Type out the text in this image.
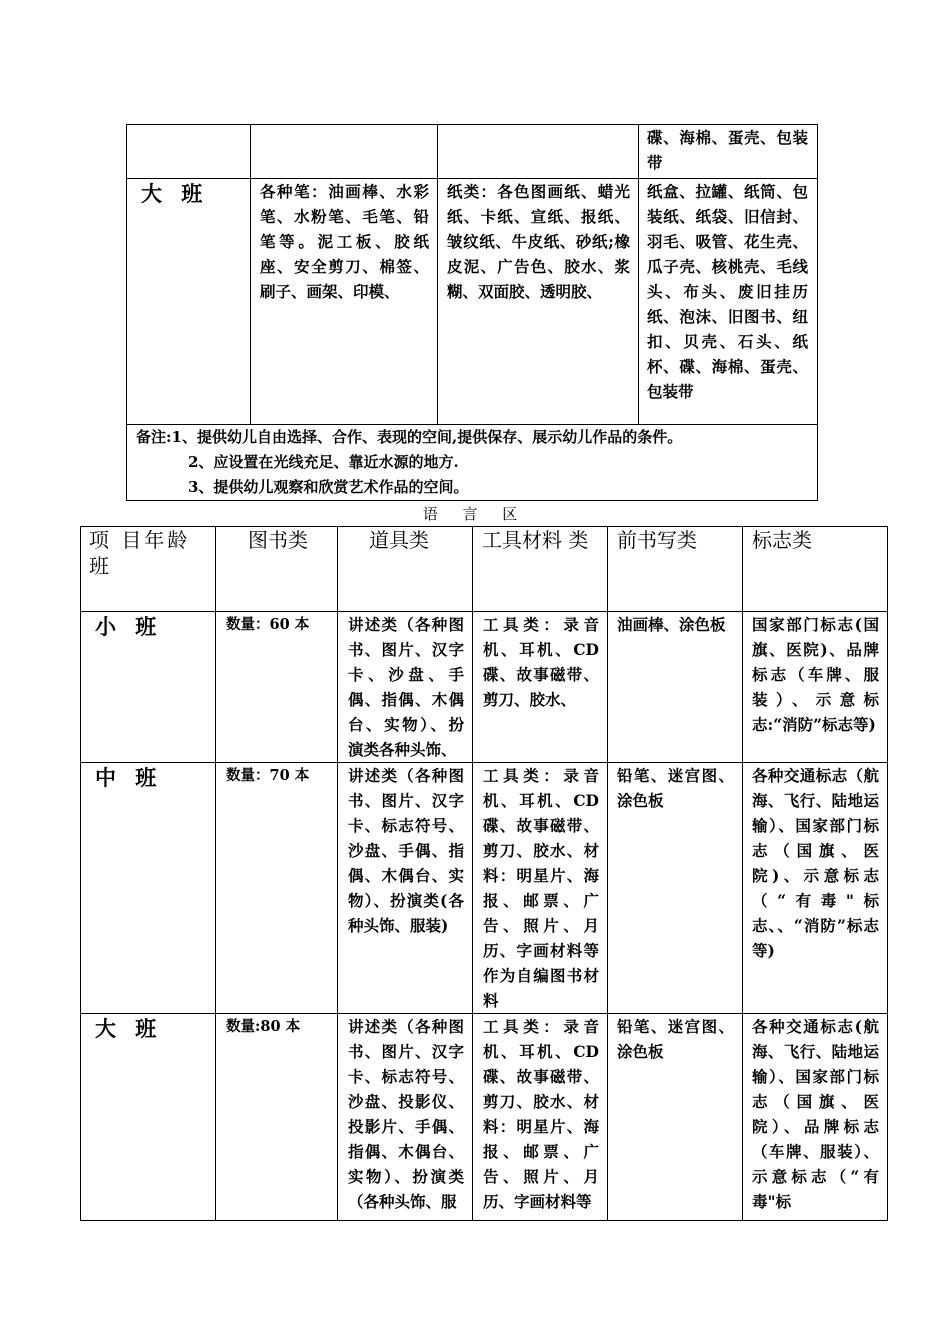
			碟、海棉、蛋壳、包装带

大 班	各种笔：油画棒、水彩笔、水粉笔、毛笔、铅笔等。泥工板、胶纸座、安全剪刀、棉签、刷子、画架、印模、	纸类：各色图画纸、蜡光纸、卡纸、宣纸、报纸、皱纹纸、牛皮纸、砂纸;橡皮泥、广告色、胶水、浆糊、双面胶、透明胶、	纸盒、拉罐、纸筒、包装纸、纸袋、旧信封、羽毛、吸管、花生壳、瓜子壳、核桃壳、毛线头、布头、废旧挂历纸、泡沫、旧图书、纽扣、贝壳、石头、纸杯、碟、海棉、蛋壳、包装带

备注:1、提供幼儿自由选择、合作、表现的空间,提供保存、展示幼儿作品的条件。
2、应设置在光线充足、靠近水源的地方.
3、提供幼儿观察和欣赏艺术作品的空间。			
语 言 区
项 目年龄班	图书类	道具类	工具材料 类	前书写类	标志类

小 班	数量：60 本	讲述类（各种图书、图片、汉字卡、沙盘、手偶、指偶、木偶台、实物）、扮演类各种头饰、	工具类：录音机、耳机、CD 碟、故事磁带、剪刀、胶水、	油画棒、涂色板	国家部门标志(国旗、医院)、品牌标志（车牌、服装）、示意标志:“消防”标志等)

中 班	数量：70 本	讲述类（各种图书、图片、汉字卡、标志符号、沙盘、手偶、指偶、木偶台、实物）、扮演类(各种头饰、服装)	工具类：录音机、耳机、CD 碟、故事磁带、剪刀、胶水、材料：明星片、海报、邮票、广告、照片、月历、字画材料等作为自编图书材料	铅笔、迷宫图、涂色板	各种交通标志（航海、飞行、陆地运输）、国家部门标志（国旗、医院)、示意标志（“有毒"标志、、“消防”标志等)

大 班	数量:80 本	讲述类（各种图书、图片、汉字卡、标志符号、沙盘、投影仪、投影片、手偶、指偶、木偶台、实物）、扮演类（各种头饰、服	工具类：录音机、耳机、CD 碟、故事磁带、剪刀、胶水、材料：明星片、海报、邮票、广告、照片、月历、字画材料等	铅笔、迷宫图、涂色板	各种交通标志(航海、飞行、陆地运输）、国家部门标志（国旗、医院）、品牌标志（车牌、服装）、示意标志（“有毒"标
